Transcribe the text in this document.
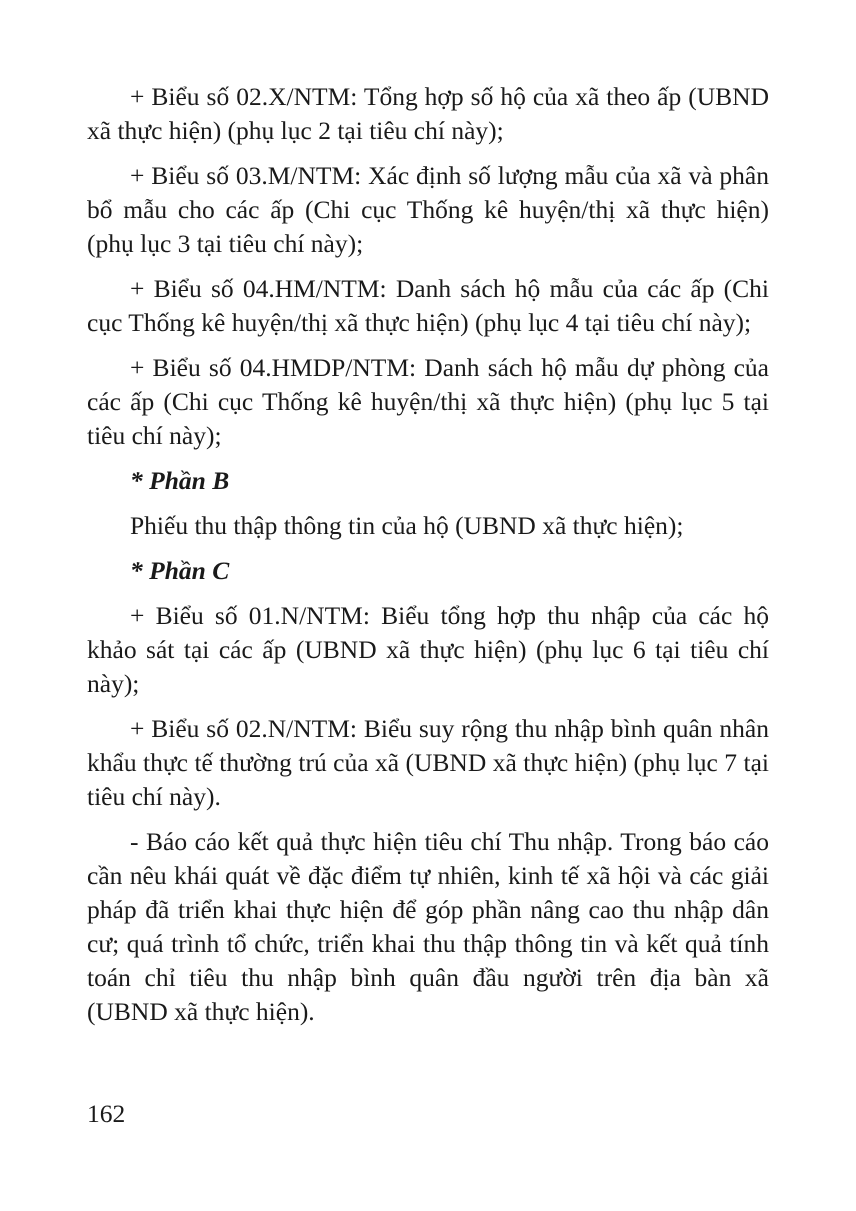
+ Biểu số 02.X/NTM: Tổng hợp số hộ của xã theo ấp (UBND xã thực hiện) (phụ lục 2 tại tiêu chí này);

+ Biểu số 03.M/NTM: Xác định số lượng mẫu của xã và phân bổ mẫu cho các ấp (Chi cục Thống kê huyện/thị xã thực hiện) (phụ lục 3 tại tiêu chí này);

+ Biểu số 04.HM/NTM: Danh sách hộ mẫu của các ấp (Chi cục Thống kê huyện/thị xã thực hiện) (phụ lục 4 tại tiêu chí này);

+ Biểu số 04.HMDP/NTM: Danh sách hộ mẫu dự phòng của các ấp (Chi cục Thống kê huyện/thị xã thực hiện) (phụ lục 5 tại tiêu chí này);

* Phần B

Phiếu thu thập thông tin của hộ (UBND xã thực hiện);

* Phần C

+ Biểu số 01.N/NTM: Biểu tổng hợp thu nhập của các hộ khảo sát tại các ấp (UBND xã thực hiện) (phụ lục 6 tại tiêu chí này);

+ Biểu số 02.N/NTM: Biểu suy rộng thu nhập bình quân nhân khẩu thực tế thường trú của xã (UBND xã thực hiện) (phụ lục 7 tại tiêu chí này).

- Báo cáo kết quả thực hiện tiêu chí Thu nhập. Trong báo cáo cần nêu khái quát về đặc điểm tự nhiên, kinh tế xã hội và các giải pháp đã triển khai thực hiện để góp phần nâng cao thu nhập dân cư; quá trình tổ chức, triển khai thu thập thông tin và kết quả tính toán chỉ tiêu thu nhập bình quân đầu người trên địa bàn xã (UBND xã thực hiện).

162
